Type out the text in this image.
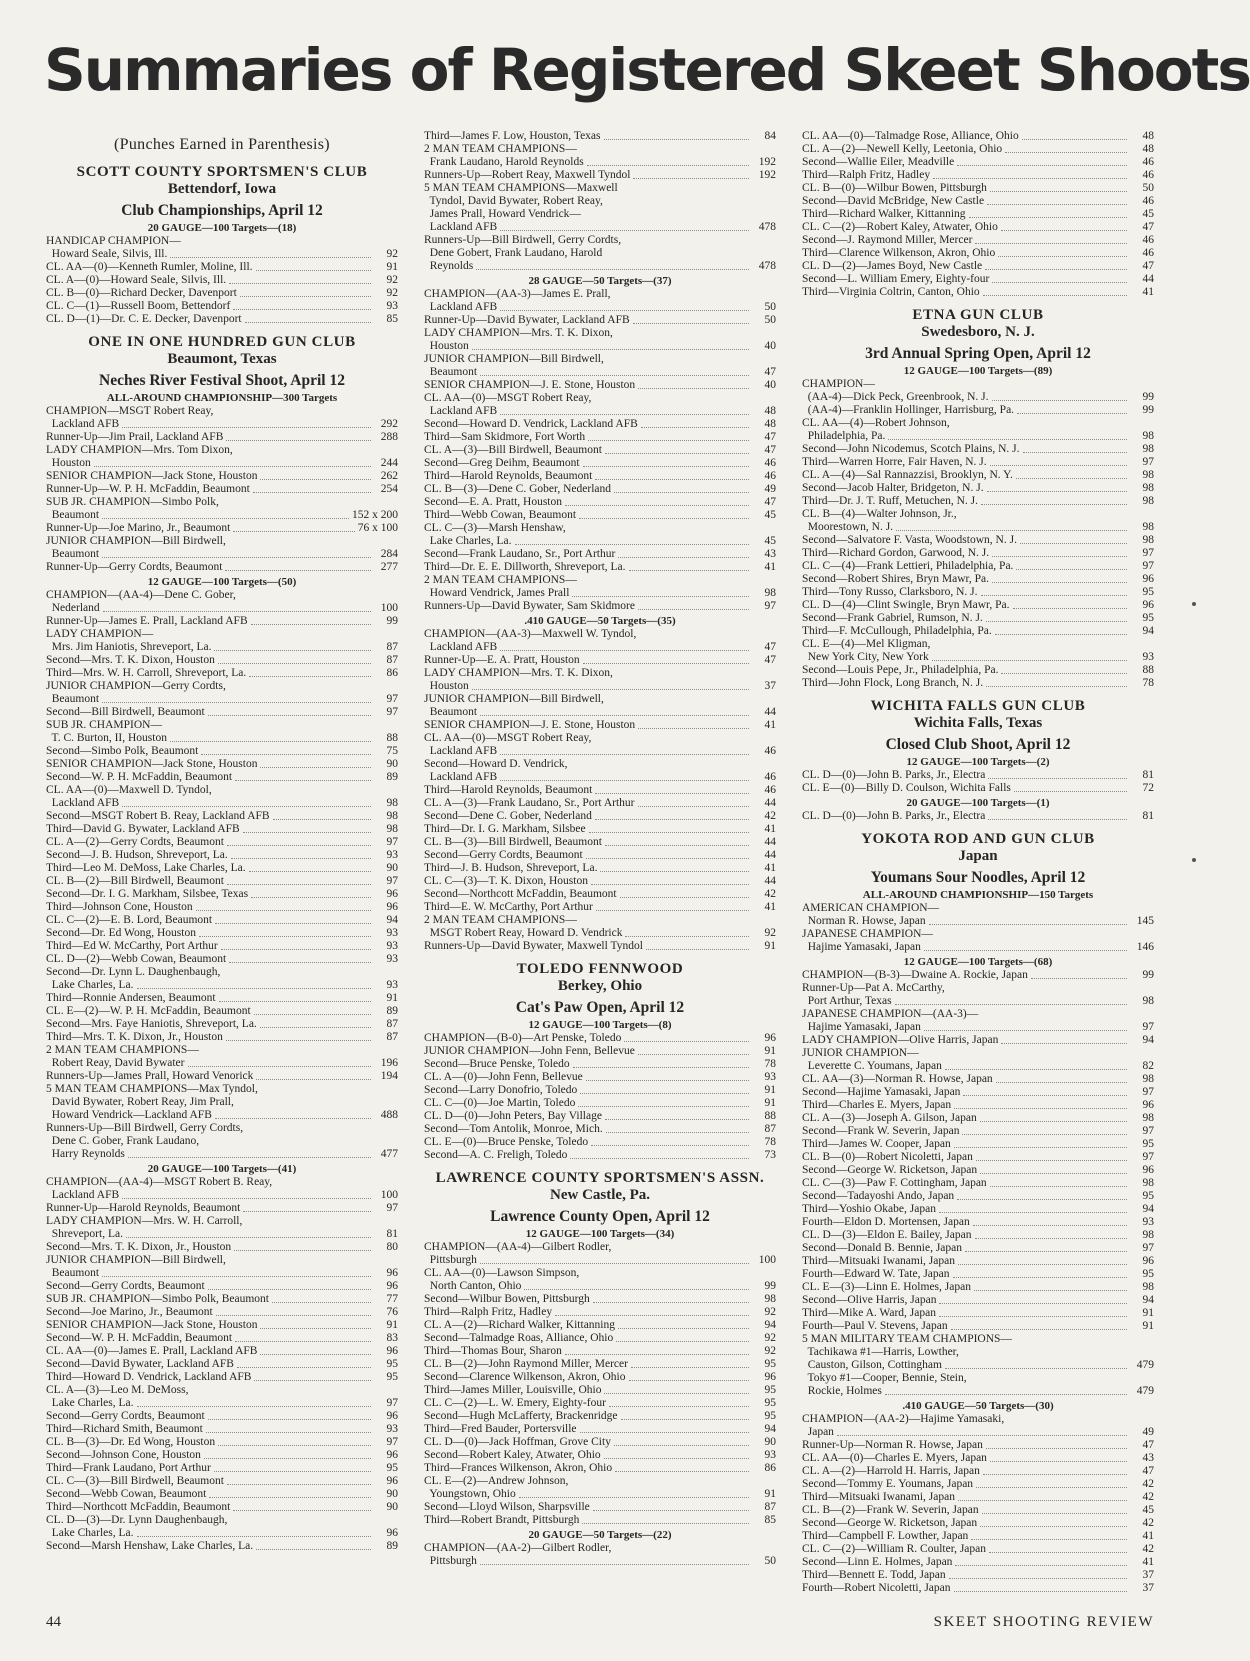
Summaries of Registered Skeet Shoots
(Punches Earned in Parenthesis)
SCOTT COUNTY SPORTSMEN'S CLUB
Bettendorf, Iowa
Club Championships, April 12
20 GAUGE—100 Targets—(18)
HANDICAP CHAMPION—
Howard Seale, Silvis, Ill.	92
CL. AA—(0)—Kenneth Rumler, Moline, Ill.	91
CL. A—(0)—Howard Seale, Silvis, Ill.	92
CL. B—(0)—Richard Decker, Davenport	92
CL. C—(1)—Russell Boom, Bettendorf	93
CL. D—(1)—Dr. C. E. Decker, Davenport	85
ONE IN ONE HUNDRED GUN CLUB
Beaumont, Texas
Neches River Festival Shoot, April 12
ALL-AROUND CHAMPIONSHIP—300 Targets
CHAMPION—MSGT Robert Reay,
Lackland AFB	292
Runner-Up—Jim Prail, Lackland AFB	288
LADY CHAMPION—Mrs. Tom Dixon,
Houston	244
SENIOR CHAMPION—Jack Stone, Houston	262
Runner-Up—W. P. H. McFaddin, Beaumont	254
SUB JR. CHAMPION—Simbo Polk,
Beaumont	152 x 200
Runner-Up—Joe Marino, Jr., Beaumont	76 x 100
JUNIOR CHAMPION—Bill Birdwell,
Beaumont	284
Runner-Up—Gerry Cordts, Beaumont	277
12 GAUGE—100 Targets—(50)
CHAMPION—(AA-4)—Dene C. Gober,
Nederland	100
Runner-Up—James E. Prall, Lackland AFB	99
LADY CHAMPION—
Mrs. Jim Haniotis, Shreveport, La.	87
Second—Mrs. T. K. Dixon, Houston	87
Third—Mrs. W. H. Carroll, Shreveport, La.	86
JUNIOR CHAMPION—Gerry Cordts,
Beaumont	97
Second—Bill Birdwell, Beaumont	97
SUB JR. CHAMPION—
T. C. Burton, II, Houston	88
Second—Simbo Polk, Beaumont	75
SENIOR CHAMPION—Jack Stone, Houston	90
Second—W. P. H. McFaddin, Beaumont	89
CL. AA—(0)—Maxwell D. Tyndol,
Lackland AFB	98
Second—MSGT Robert B. Reay, Lackland AFB	98
Third—David G. Bywater, Lackland AFB	98
CL. A—(2)—Gerry Cordts, Beaumont	97
Second—J. B. Hudson, Shreveport, La.	93
Third—Leo M. DeMoss, Lake Charles, La.	90
CL. B—(2)—Bill Birdwell, Beaumont	97
Second—Dr. I. G. Markham, Silsbee, Texas	96
Third—Johnson Cone, Houston	96
CL. C—(2)—E. B. Lord, Beaumont	94
Second—Dr. Ed Wong, Houston	93
Third—Ed W. McCarthy, Port Arthur	93
CL. D—(2)—Webb Cowan, Beaumont	93
Second—Dr. Lynn L. Daughenbaugh,
Lake Charles, La.	93
Third—Ronnie Andersen, Beaumont	91
CL. E—(2)—W. P. H. McFaddin, Beaumont	89
Second—Mrs. Faye Haniotis, Shreveport, La.	87
Third—Mrs. T. K. Dixon, Jr., Houston	87
2 MAN TEAM CHAMPIONS—
Robert Reay, David Bywater	196
Runners-Up—James Prall, Howard Venorick	194
5 MAN TEAM CHAMPIONS—Max Tyndol,
David Bywater, Robert Reay, Jim Prall,
Howard Vendrick—Lackland AFB	488
Runners-Up—Bill Birdwell, Gerry Cordts,
Dene C. Gober, Frank Laudano,
Harry Reynolds	477
20 GAUGE—100 Targets—(41)
CHAMPION—(AA-4)—MSGT Robert B. Reay,
Lackland AFB	100
Runner-Up—Harold Reynolds, Beaumont	97
LADY CHAMPION—Mrs. W. H. Carroll,
Shreveport, La.	81
Second—Mrs. T. K. Dixon, Jr., Houston	80
JUNIOR CHAMPION—Bill Birdwell,
Beaumont	96
Second—Gerry Cordts, Beaumont	96
SUB JR. CHAMPION—Simbo Polk, Beaumont	77
Second—Joe Marino, Jr., Beaumont	76
SENIOR CHAMPION—Jack Stone, Houston	91
Second—W. P. H. McFaddin, Beaumont	83
CL. AA—(0)—James E. Prall, Lackland AFB	96
Second—David Bywater, Lackland AFB	95
Third—Howard D. Vendrick, Lackland AFB	95
CL. A—(3)—Leo M. DeMoss,
Lake Charles, La.	97
Second—Gerry Cordts, Beaumont	96
Third—Richard Smith, Beaumont	93
CL. B—(3)—Dr. Ed Wong, Houston	97
Second—Johnson Cone, Houston	96
Third—Frank Laudano, Port Arthur	95
CL. C—(3)—Bill Birdwell, Beaumont	96
Second—Webb Cowan, Beaumont	90
Third—Northcott McFaddin, Beaumont	90
CL. D—(3)—Dr. Lynn Daughenbaugh,
Lake Charles, La.	96
Second—Marsh Henshaw, Lake Charles, La.	89
Third—James F. Low, Houston, Texas	84
2 MAN TEAM CHAMPIONS—
Frank Laudano, Harold Reynolds	192
Runners-Up—Robert Reay, Maxwell Tyndol	192
5 MAN TEAM CHAMPIONS—Maxwell
Tyndol, David Bywater, Robert Reay,
James Prall, Howard Vendrick—
Lackland AFB	478
Runners-Up—Bill Birdwell, Gerry Cordts,
Dene Gobert, Frank Laudano, Harold
Reynolds	478
28 GAUGE—50 Targets—(37)
CHAMPION—(AA-3)—James E. Prall,
Lackland AFB	50
Runner-Up—David Bywater, Lackland AFB	50
LADY CHAMPION—Mrs. T. K. Dixon,
Houston	40
JUNIOR CHAMPION—Bill Birdwell,
Beaumont	47
SENIOR CHAMPION—J. E. Stone, Houston	40
CL. AA—(0)—MSGT Robert Reay,
Lackland AFB	48
Second—Howard D. Vendrick, Lackland AFB	48
Third—Sam Skidmore, Fort Worth	47
CL. A—(3)—Bill Birdwell, Beaumont	47
Second—Greg Deihm, Beaumont	46
Third—Harold Reynolds, Beaumont	46
CL. B—(3)—Dene C. Gober, Nederland	49
Second—E. A. Pratt, Houston	47
Third—Webb Cowan, Beaumont	45
CL. C—(3)—Marsh Henshaw,
Lake Charles, La.	45
Second—Frank Laudano, Sr., Port Arthur	43
Third—Dr. E. E. Dillworth, Shreveport, La.	41
2 MAN TEAM CHAMPIONS—
Howard Vendrick, James Prall	98
Runners-Up—David Bywater, Sam Skidmore	97
.410 GAUGE—50 Targets—(35)
CHAMPION—(AA-3)—Maxwell W. Tyndol,
Lackland AFB	47
Runner-Up—E. A. Pratt, Houston	47
LADY CHAMPION—Mrs. T. K. Dixon,
Houston	37
JUNIOR CHAMPION—Bill Birdwell,
Beaumont	44
SENIOR CHAMPION—J. E. Stone, Houston	41
CL. AA—(0)—MSGT Robert Reay,
Lackland AFB	46
Second—Howard D. Vendrick,
Lackland AFB	46
Third—Harold Reynolds, Beaumont	46
CL. A—(3)—Frank Laudano, Sr., Port Arthur	44
Second—Dene C. Gober, Nederland	42
Third—Dr. I. G. Markham, Silsbee	41
CL. B—(3)—Bill Birdwell, Beaumont	44
Second—Gerry Cordts, Beaumont	44
Third—J. B. Hudson, Shreveport, La.	41
CL. C—(3)—T. K. Dixon, Houston	44
Second—Northcott McFaddin, Beaumont	42
Third—E. W. McCarthy, Port Arthur	41
2 MAN TEAM CHAMPIONS—
MSGT Robert Reay, Howard D. Vendrick	92
Runners-Up—David Bywater, Maxwell Tyndol	91
TOLEDO FENNWOOD
Berkey, Ohio
Cat's Paw Open, April 12
12 GAUGE—100 Targets—(8)
CHAMPION—(B-0)—Art Penske, Toledo	96
JUNIOR CHAMPION—John Fenn, Bellevue	91
Second—Bruce Penske, Toledo	78
CL. A—(0)—John Fenn, Bellevue	93
Second—Larry Donofrio, Toledo	91
CL. C—(0)—Joe Martin, Toledo	91
CL. D—(0)—John Peters, Bay Village	88
Second—Tom Antolik, Monroe, Mich.	87
CL. E—(0)—Bruce Penske, Toledo	78
Second—A. C. Freligh, Toledo	73
LAWRENCE COUNTY SPORTSMEN'S ASSN.
New Castle, Pa.
Lawrence County Open, April 12
12 GAUGE—100 Targets—(34)
CHAMPION—(AA-4)—Gilbert Rodler,
Pittsburgh	100
CL. AA—(0)—Lawson Simpson,
North Canton, Ohio	99
Second—Wilbur Bowen, Pittsburgh	98
Third—Ralph Fritz, Hadley	92
CL. A—(2)—Richard Walker, Kittanning	94
Second—Talmadge Roas, Alliance, Ohio	92
Third—Thomas Bour, Sharon	92
CL. B—(2)—John Raymond Miller, Mercer	95
Second—Clarence Wilkenson, Akron, Ohio	96
Third—James Miller, Louisville, Ohio	95
CL. C—(2)—L. W. Emery, Eighty-four	95
Second—Hugh McLafferty, Brackenridge	95
Third—Fred Bauder, Portersville	94
CL. D—(0)—Jack Hoffman, Grove City	90
Second—Robert Kaley, Atwater, Ohio	93
Third—Frances Wilkenson, Akron, Ohio	86
CL. E—(2)—Andrew Johnson,
Youngstown, Ohio	91
Second—Lloyd Wilson, Sharpsville	87
Third—Robert Brandt, Pittsburgh	85
20 GAUGE—50 Targets—(22)
CHAMPION—(AA-2)—Gilbert Rodler,
Pittsburgh	50
CL. AA—(0)—Talmadge Rose, Alliance, Ohio	48
CL. A—(2)—Newell Kelly, Leetonia, Ohio	48
Second—Wallie Eiler, Meadville	46
Third—Ralph Fritz, Hadley	46
CL. B—(0)—Wilbur Bowen, Pittsburgh	50
Second—David McBridge, New Castle	46
Third—Richard Walker, Kittanning	45
CL. C—(2)—Robert Kaley, Atwater, Ohio	47
Second—J. Raymond Miller, Mercer	46
Third—Clarence Wilkenson, Akron, Ohio	46
CL. D—(2)—James Boyd, New Castle	47
Second—L. William Emery, Eighty-four	44
Third—Virginia Coltrin, Canton, Ohio	41
ETNA GUN CLUB
Swedesboro, N. J.
3rd Annual Spring Open, April 12
12 GAUGE—100 Targets—(89)
CHAMPION—
(AA-4)—Dick Peck, Greenbrook, N. J.	99
(AA-4)—Franklin Hollinger, Harrisburg, Pa.	99
CL. AA—(4)—Robert Johnson,
Philadelphia, Pa.	98
Second—John Nicodemus, Scotch Plains, N. J.	98
Third—Warren Horre, Fair Haven, N. J.	97
CL. A—(4)—Sal Rannazzisi, Brooklyn, N. Y.	98
Second—Jacob Halter, Bridgeton, N. J.	98
Third—Dr. J. T. Ruff, Metuchen, N. J.	98
CL. B—(4)—Walter Johnson, Jr.,
Moorestown, N. J.	98
Second—Salvatore F. Vasta, Woodstown, N. J.	98
Third—Richard Gordon, Garwood, N. J.	97
CL. C—(4)—Frank Lettieri, Philadelphia, Pa.	97
Second—Robert Shires, Bryn Mawr, Pa.	96
Third—Tony Russo, Clarksboro, N. J.	95
CL. D—(4)—Clint Swingle, Bryn Mawr, Pa.	96
Second—Frank Gabriel, Rumson, N. J.	95
Third—F. McCullough, Philadelphia, Pa.	94
CL. E—(4)—Mel Kligman,
New York City, New York	93
Second—Louis Pepe, Jr., Philadelphia, Pa.	88
Third—John Flock, Long Branch, N. J.	78
WICHITA FALLS GUN CLUB
Wichita Falls, Texas
Closed Club Shoot, April 12
12 GAUGE—100 Targets—(2)
CL. D—(0)—John B. Parks, Jr., Electra	81
CL. E—(0)—Billy D. Coulson, Wichita Falls	72
20 GAUGE—100 Targets—(1)
CL. D—(0)—John B. Parks, Jr., Electra	81
YOKOTA ROD AND GUN CLUB
Japan
Youmans Sour Noodles, April 12
ALL-AROUND CHAMPIONSHIP—150 Targets
AMERICAN CHAMPION—
Norman R. Howse, Japan	145
JAPANESE CHAMPION—
Hajime Yamasaki, Japan	146
12 GAUGE—100 Targets—(68)
CHAMPION—(B-3)—Dwaine A. Rockie, Japan	99
Runner-Up—Pat A. McCarthy,
Port Arthur, Texas	98
JAPANESE CHAMPION—(AA-3)—
Hajime Yamasaki, Japan	97
LADY CHAMPION—Olive Harris, Japan	94
JUNIOR CHAMPION—
Leverette C. Youmans, Japan	82
CL. AA—(3)—Norman R. Howse, Japan	98
Second—Hajime Yamasaki, Japan	97
Third—Charles E. Myers, Japan	96
CL. A—(3)—Joseph A. Gilson, Japan	98
Second—Frank W. Severin, Japan	97
Third—James W. Cooper, Japan	95
CL. B—(0)—Robert Nicoletti, Japan	97
Second—George W. Ricketson, Japan	96
CL. C—(3)—Paw F. Cottingham, Japan	98
Second—Tadayoshi Ando, Japan	95
Third—Yoshio Okabe, Japan	94
Fourth—Eldon D. Mortensen, Japan	93
CL. D—(3)—Eldon E. Bailey, Japan	98
Second—Donald B. Bennie, Japan	97
Third—Mitsuaki Iwanami, Japan	96
Fourth—Edward W. Tate, Japan	95
CL. E—(3)—Linn E. Holmes, Japan	98
Second—Olive Harris, Japan	94
Third—Mike A. Ward, Japan	91
Fourth—Paul V. Stevens, Japan	91
5 MAN MILITARY TEAM CHAMPIONS—
Tachikawa #1—Harris, Lowther,
Causton, Gilson, Cottingham	479
Tokyo #1—Cooper, Bennie, Stein,
Rockie, Holmes	479
.410 GAUGE—50 Targets—(30)
CHAMPION—(AA-2)—Hajime Yamasaki,
Japan	49
Runner-Up—Norman R. Howse, Japan	47
CL. AA—(0)—Charles E. Myers, Japan	43
CL. A—(2)—Harrold H. Harris, Japan	47
Second—Tommy E. Youmans, Japan	42
Third—Mitsuaki Iwanami, Japan	42
CL. B—(2)—Frank W. Severin, Japan	45
Second—George W. Ricketson, Japan	42
Third—Campbell F. Lowther, Japan	41
CL. C—(2)—William R. Coulter, Japan	42
Second—Linn E. Holmes, Japan	41
Third—Bennett E. Todd, Japan	37
Fourth—Robert Nicoletti, Japan	37
44	SKEET SHOOTING REVIEW
